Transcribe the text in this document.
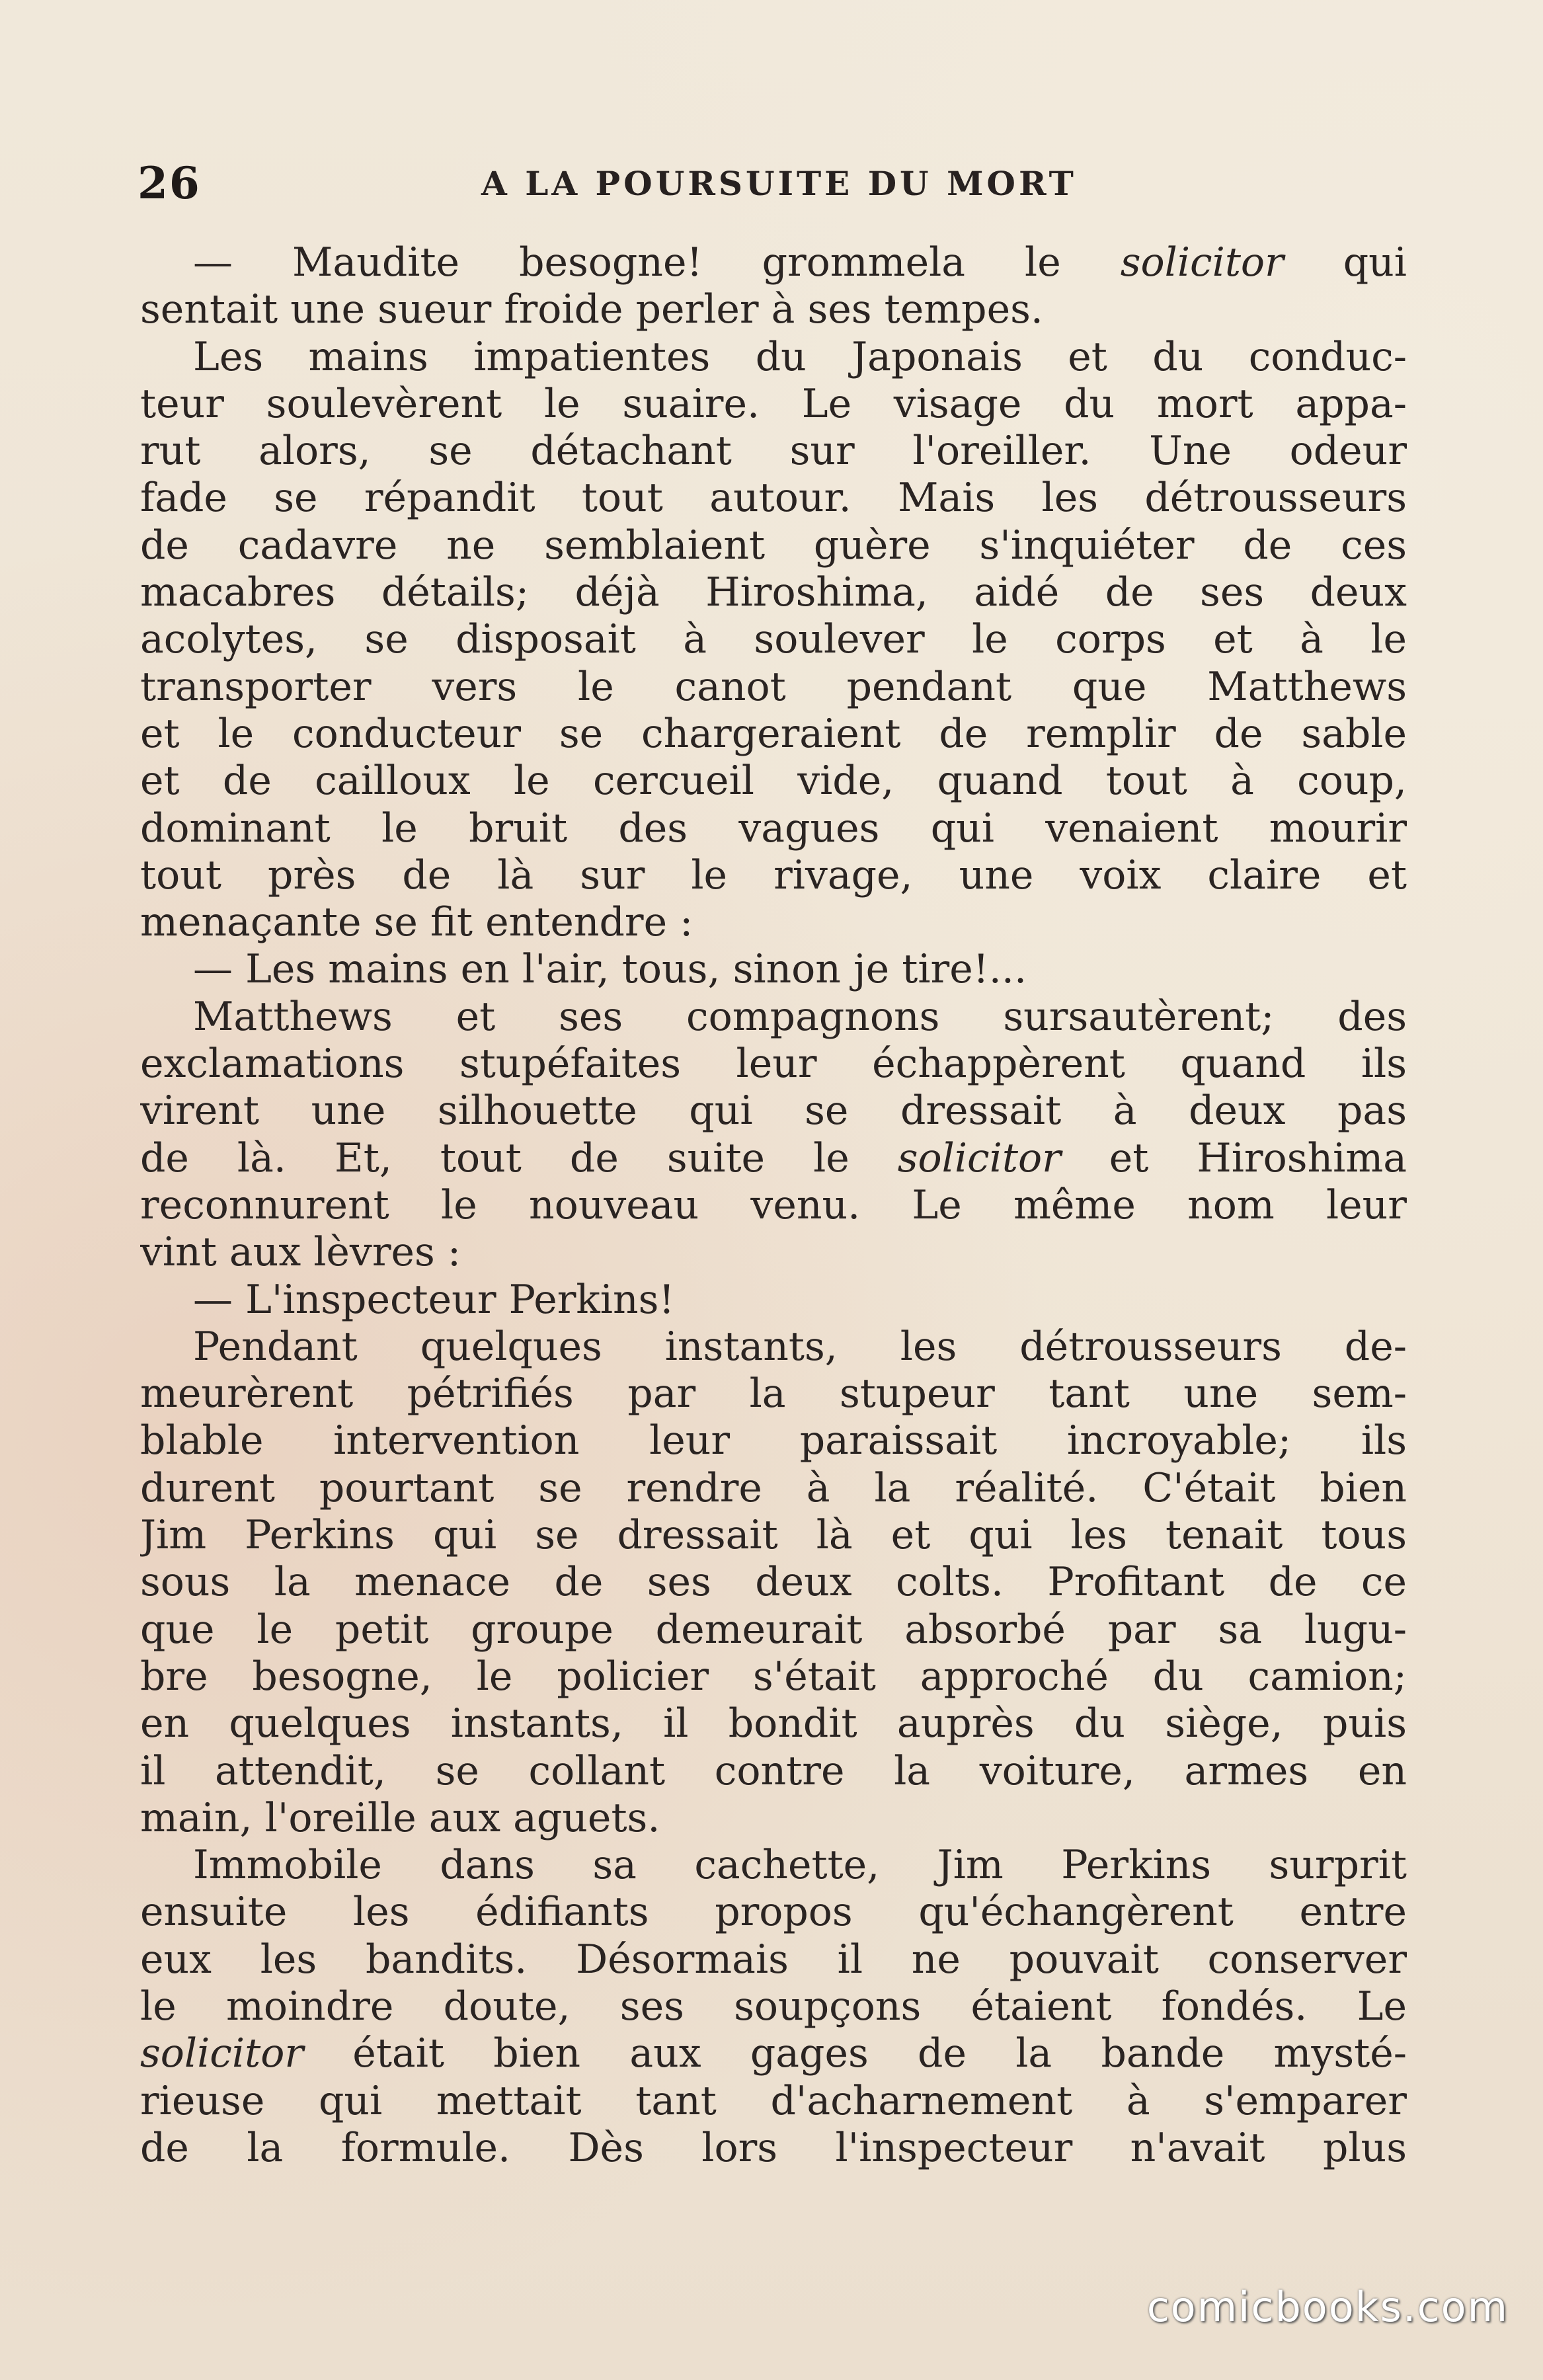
26	A LA POURSUITE DU MORT
— Maudite besogne! grommela le solicitor qui
sentait une sueur froide perler à ses tempes.
Les mains impatientes du Japonais et du conduc-
teur soulevèrent le suaire. Le visage du mort appa-
rut alors, se détachant sur l'oreiller. Une odeur
fade se répandit tout autour. Mais les détrousseurs
de cadavre ne semblaient guère s'inquiéter de ces
macabres détails; déjà Hiroshima, aidé de ses deux
acolytes, se disposait à soulever le corps et à le
transporter vers le canot pendant que Matthews
et le conducteur se chargeraient de remplir de sable
et de cailloux le cercueil vide, quand tout à coup,
dominant le bruit des vagues qui venaient mourir
tout près de là sur le rivage, une voix claire et
menaçante se fit entendre :
— Les mains en l'air, tous, sinon je tire!...
Matthews et ses compagnons sursautèrent; des
exclamations stupéfaites leur échappèrent quand ils
virent une silhouette qui se dressait à deux pas
de là. Et, tout de suite le solicitor et Hiroshima
reconnurent le nouveau venu. Le même nom leur
vint aux lèvres :
— L'inspecteur Perkins!
Pendant quelques instants, les détrousseurs de-
meurèrent pétrifiés par la stupeur tant une sem-
blable intervention leur paraissait incroyable; ils
durent pourtant se rendre à la réalité. C'était bien
Jim Perkins qui se dressait là et qui les tenait tous
sous la menace de ses deux colts. Profitant de ce
que le petit groupe demeurait absorbé par sa lugu-
bre besogne, le policier s'était approché du camion;
en quelques instants, il bondit auprès du siège, puis
il attendit, se collant contre la voiture, armes en
main, l'oreille aux aguets.
Immobile dans sa cachette, Jim Perkins surprit
ensuite les édifiants propos qu'échangèrent entre
eux les bandits. Désormais il ne pouvait conserver
le moindre doute, ses soupçons étaient fondés. Le
solicitor était bien aux gages de la bande mysté-
rieuse qui mettait tant d'acharnement à s'emparer
de la formule. Dès lors l'inspecteur n'avait plus
comicbooks.com
